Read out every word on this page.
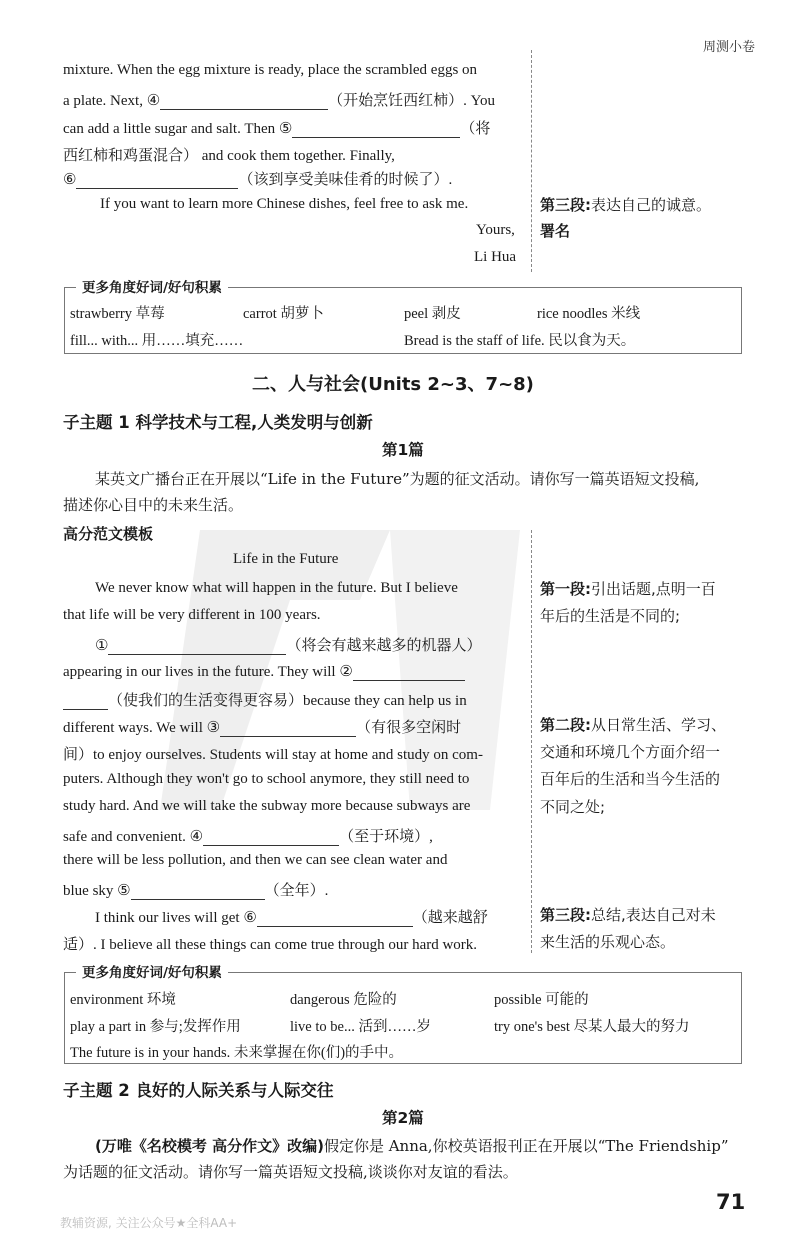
周测小卷
mixture. When the egg mixture is ready, place the scrambled eggs on
a plate. Next, ④	（开始烹饪西红柿）. You
can add a little sugar and salt. Then ⑤	（将
西红柿和鸡蛋混合） and cook them together. Finally,
⑥	（该到享受美味佳肴的时候了）.
If you want to learn more Chinese dishes, feel free to ask me.
Yours,
Li Hua
第三段:表达自己的诚意。
署名
更多角度好词/好句积累
strawberry 草莓	carrot 胡萝卜	peel 剥皮	rice noodles 米线
fill... with... 用……填充……	Bread is the staff of life. 民以食为天。
二、人与社会(Units 2~3、7~8)
子主题 1 科学技术与工程,人类发明与创新
第1篇
某英文广播台正在开展以“Life in the Future”为题的征文活动。请你写一篇英语短文投稿,
描述你心目中的未来生活。
高分范文模板
Life in the Future
We never know what will happen in the future. But I believe
that life will be very different in 100 years.
①	（将会有越来越多的机器人）
appearing in our lives in the future. They will ②
（使我们的生活变得更容易）because they can help us in
different ways. We will ③	（有很多空闲时
间）to enjoy ourselves. Students will stay at home and study on com-
puters. Although they won't go to school anymore, they still need to
study hard. And we will take the subway more because subways are
safe and convenient. ④	（至于环境）,
there will be less pollution, and then we can see clean water and
blue sky ⑤	（全年）.
I think our lives will get ⑥	（越来越舒
适）. I believe all these things can come true through our hard work.
第一段:引出话题,点明一百
年后的生活是不同的;
第二段:从日常生活、学习、
交通和环境几个方面介绍一
百年后的生活和当今生活的
不同之处;
第三段:总结,表达自己对未
来生活的乐观心态。
更多角度好词/好句积累
environment 环境	dangerous 危险的	possible 可能的
play a part in 参与;发挥作用	live to be... 活到……岁	try one's best 尽某人最大的努力
The future is in your hands. 未来掌握在你(们)的手中。
子主题 2 良好的人际关系与人际交往
第2篇
(万唯《名校模考 高分作文》改编)假定你是 Anna,你校英语报刊正在开展以“The Friendship”
为话题的征文活动。请你写一篇英语短文投稿,谈谈你对友谊的看法。
71
教辅资源, 关注公众号★全科AA+
